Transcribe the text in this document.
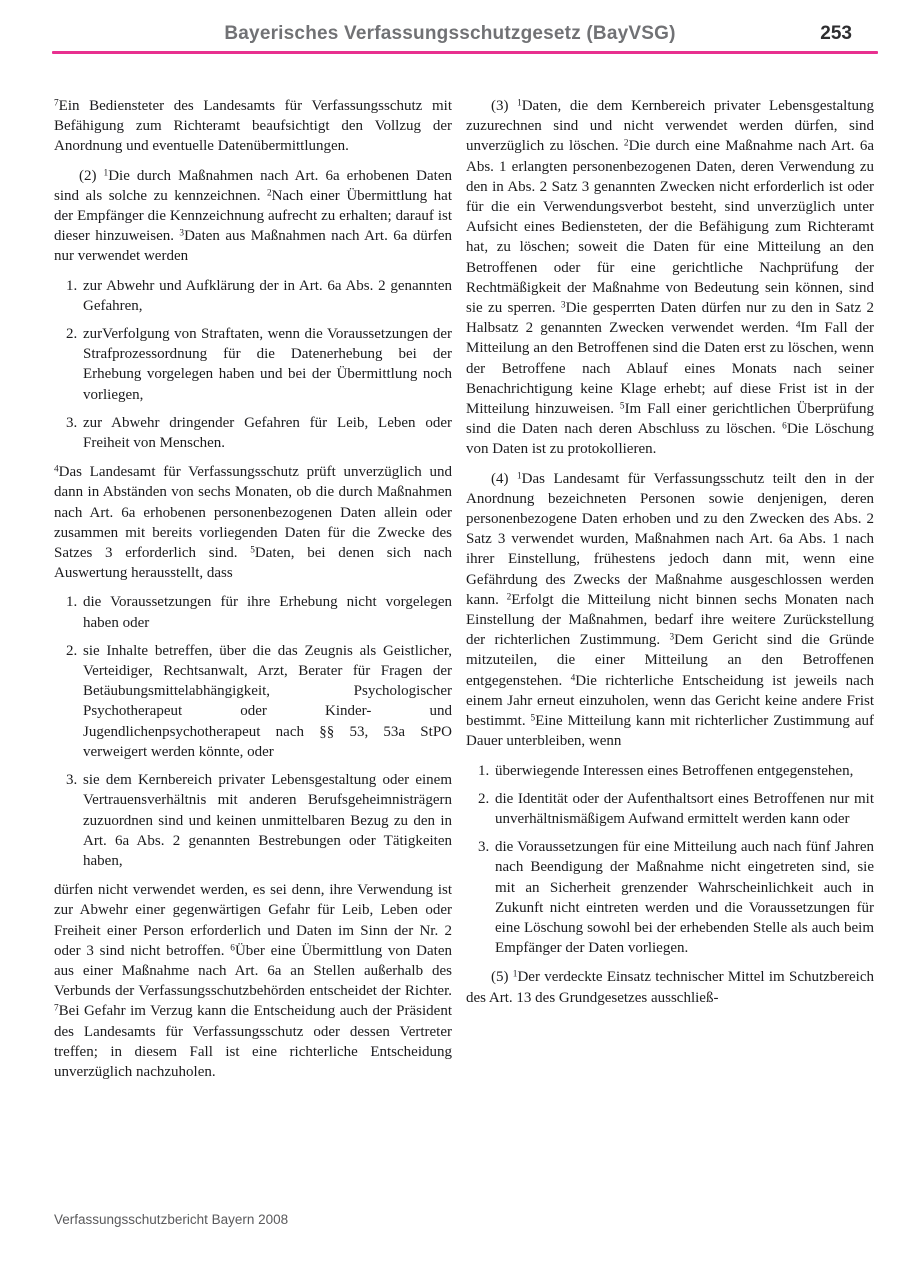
Bayerisches Verfassungsschutzgesetz (BayVSG)	253

$^7$Ein Bediensteter des Landesamts für Verfassungsschutz mit Befähigung zum Richteramt beaufsichtigt den Vollzug der Anordnung und eventuelle Datenübermittlungen.

(2) $^1$Die durch Maßnahmen nach Art. 6a erhobenen Daten sind als solche zu kennzeichnen. $^2$Nach einer Übermittlung hat der Empfänger die Kennzeichnung aufrecht zu erhalten; darauf ist dieser hinzuweisen. $^3$Daten aus Maßnahmen nach Art. 6a dürfen nur verwendet werden

1. zur Abwehr und Aufklärung der in Art. 6a Abs. 2 genannten Gefahren,
2. zurVerfolgung von Straftaten, wenn die Voraussetzungen der Strafprozessordnung für die Datenerhebung bei der Erhebung vorgelegen haben und bei der Übermittlung noch vorliegen,
3. zur Abwehr dringender Gefahren für Leib, Leben oder Freiheit von Menschen.

$^4$Das Landesamt für Verfassungsschutz prüft unverzüglich und dann in Abständen von sechs Monaten, ob die durch Maßnahmen nach Art. 6a erhobenen personenbezogenen Daten allein oder zusammen mit bereits vorliegenden Daten für die Zwecke des Satzes 3 erforderlich sind. $^5$Daten, bei denen sich nach Auswertung herausstellt, dass

1. die Voraussetzungen für ihre Erhebung nicht vorgelegen haben oder
2. sie Inhalte betreffen, über die das Zeugnis als Geistlicher, Verteidiger, Rechtsanwalt, Arzt, Berater für Fragen der Betäubungsmittelabhängigkeit, Psychologischer Psychotherapeut oder Kinder- und Jugendlichenpsychotherapeut nach §§ 53, 53a StPO verweigert werden könnte, oder
3. sie dem Kernbereich privater Lebensgestaltung oder einem Vertrauensverhältnis mit anderen Berufsgeheimnisträgern zuzuordnen sind und keinen unmittelbaren Bezug zu den in Art. 6a Abs. 2 genannten Bestrebungen oder Tätigkeiten haben,

dürfen nicht verwendet werden, es sei denn, ihre Verwendung ist zur Abwehr einer gegenwärtigen Gefahr für Leib, Leben oder Freiheit einer Person erforderlich und Daten im Sinn der Nr. 2 oder 3 sind nicht betroffen. $^6$Über eine Übermittlung von Daten aus einer Maßnahme nach Art. 6a an Stellen außerhalb des Verbunds der Verfassungsschutzbehörden entscheidet der Richter. $^7$Bei Gefahr im Verzug kann die Entscheidung auch der Präsident des Landesamts für Verfassungsschutz oder dessen Vertreter treffen; in diesem Fall ist eine richterliche Entscheidung unverzüglich nachzuholen.

(3) $^1$Daten, die dem Kernbereich privater Lebensgestaltung zuzurechnen sind und nicht verwendet werden dürfen, sind unverzüglich zu löschen. $^2$Die durch eine Maßnahme nach Art. 6a Abs. 1 erlangten personenbezogenen Daten, deren Verwendung zu den in Abs. 2 Satz 3 genannten Zwecken nicht erforderlich ist oder für die ein Verwendungsverbot besteht, sind unverzüglich unter Aufsicht eines Bediensteten, der die Befähigung zum Richteramt hat, zu löschen; soweit die Daten für eine Mitteilung an den Betroffenen oder für eine gerichtliche Nachprüfung der Rechtmäßigkeit der Maßnahme von Bedeutung sein können, sind sie zu sperren. $^3$Die gesperrten Daten dürfen nur zu den in Satz 2 Halbsatz 2 genannten Zwecken verwendet werden. $^4$Im Fall der Mitteilung an den Betroffenen sind die Daten erst zu löschen, wenn der Betroffene nach Ablauf eines Monats nach seiner Benachrichtigung keine Klage erhebt; auf diese Frist ist in der Mitteilung hinzuweisen. $^5$Im Fall einer gerichtlichen Überprüfung sind die Daten nach deren Abschluss zu löschen. $^6$Die Löschung von Daten ist zu protokollieren.

(4) $^1$Das Landesamt für Verfassungsschutz teilt den in der Anordnung bezeichneten Personen sowie denjenigen, deren personenbezogene Daten erhoben und zu den Zwecken des Abs. 2 Satz 3 verwendet wurden, Maßnahmen nach Art. 6a Abs. 1 nach ihrer Einstellung, frühestens jedoch dann mit, wenn eine Gefährdung des Zwecks der Maßnahme ausgeschlossen werden kann. $^2$Erfolgt die Mitteilung nicht binnen sechs Monaten nach Einstellung der Maßnahmen, bedarf ihre weitere Zurückstellung der richterlichen Zustimmung. $^3$Dem Gericht sind die Gründe mitzuteilen, die einer Mitteilung an den Betroffenen entgegenstehen. $^4$Die richterliche Entscheidung ist jeweils nach einem Jahr erneut einzuholen, wenn das Gericht keine andere Frist bestimmt. $^5$Eine Mitteilung kann mit richterlicher Zustimmung auf Dauer unterbleiben, wenn

1. überwiegende Interessen eines Betroffenen entgegenstehen,
2. die Identität oder der Aufenthaltsort eines Betroffenen nur mit unverhältnismäßigem Aufwand ermittelt werden kann oder
3. die Voraussetzungen für eine Mitteilung auch nach fünf Jahren nach Beendigung der Maßnahme nicht eingetreten sind, sie mit an Sicherheit grenzender Wahrscheinlichkeit auch in Zukunft nicht eintreten werden und die Voraussetzungen für eine Löschung sowohl bei der erhebenden Stelle als auch beim Empfänger der Daten vorliegen.

(5) $^1$Der verdeckte Einsatz technischer Mittel im Schutzbereich des Art. 13 des Grundgesetzes ausschließ-

Verfassungsschutzbericht Bayern 2008
